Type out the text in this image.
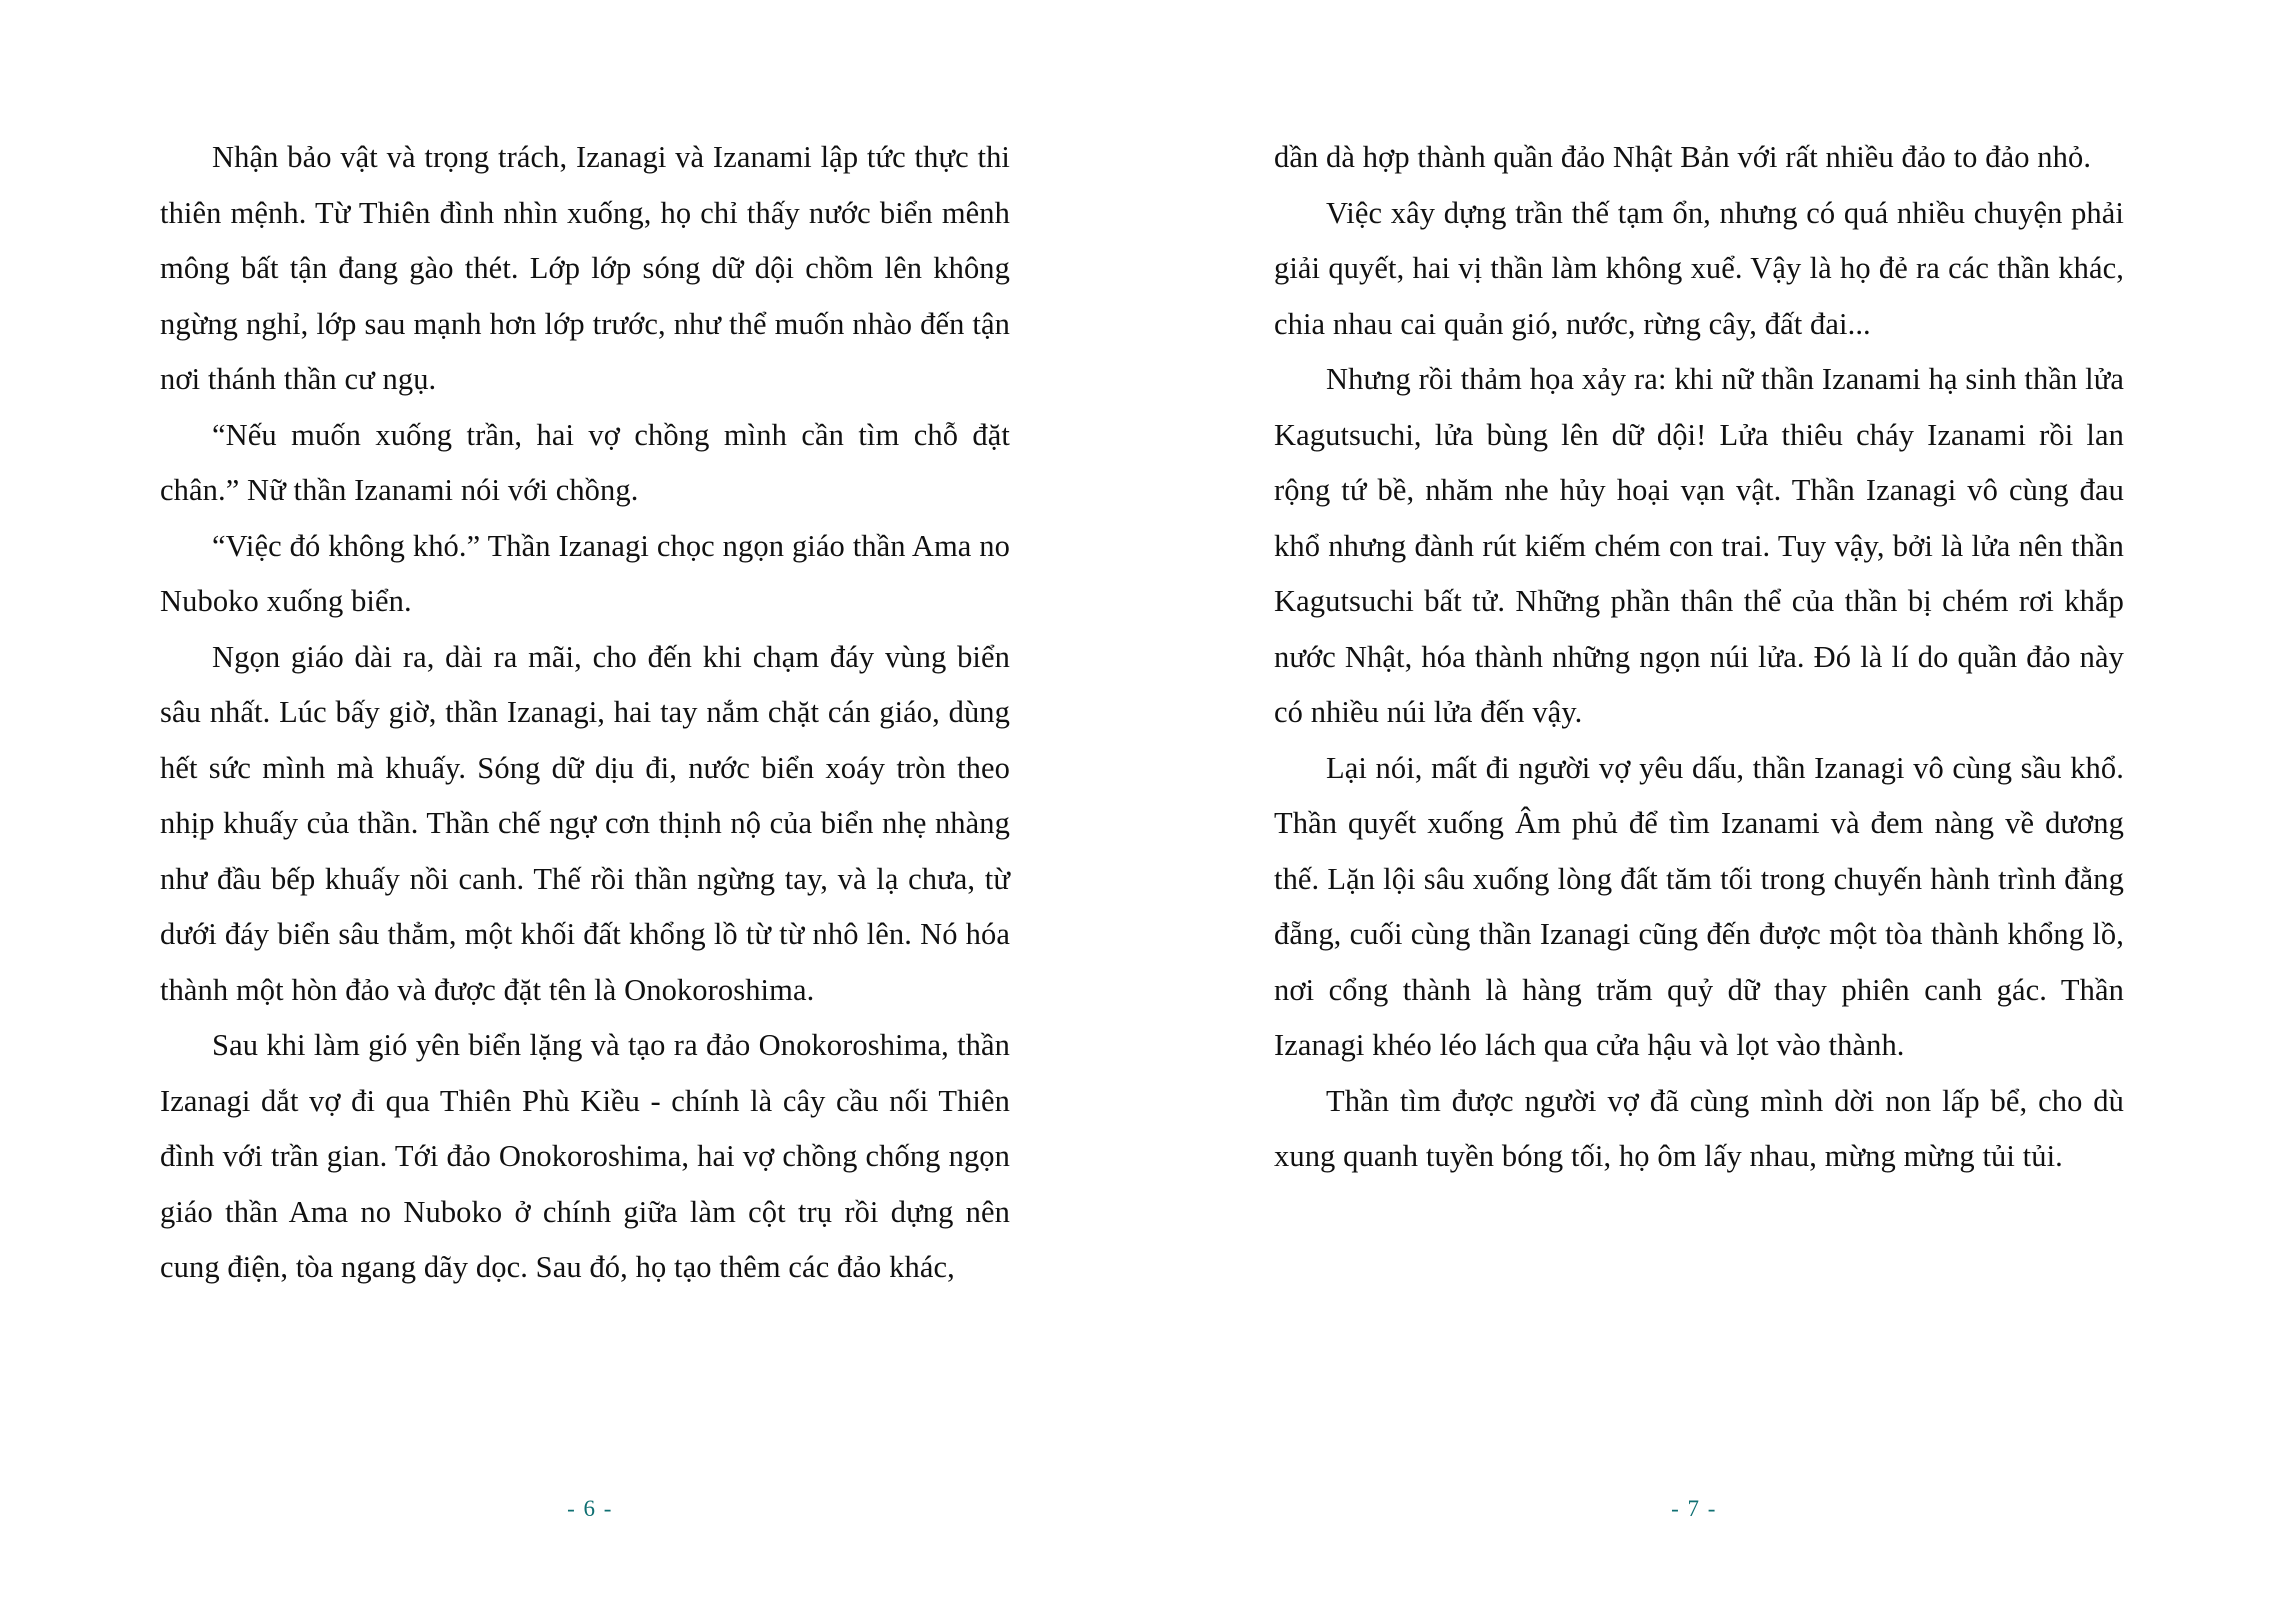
Nhận bảo vật và trọng trách, Izanagi và Izanami lập tức thực thi thiên mệnh. Từ Thiên đình nhìn xuống, họ chỉ thấy nước biển mênh mông bất tận đang gào thét. Lớp lớp sóng dữ dội chồm lên không ngừng nghỉ, lớp sau mạnh hơn lớp trước, như thể muốn nhào đến tận nơi thánh thần cư ngụ.

“Nếu muốn xuống trần, hai vợ chồng mình cần tìm chỗ đặt chân.” Nữ thần Izanami nói với chồng.

“Việc đó không khó.” Thần Izanagi chọc ngọn giáo thần Ama no Nuboko xuống biển.

Ngọn giáo dài ra, dài ra mãi, cho đến khi chạm đáy vùng biển sâu nhất. Lúc bấy giờ, thần Izanagi, hai tay nắm chặt cán giáo, dùng hết sức mình mà khuấy. Sóng dữ dịu đi, nước biển xoáy tròn theo nhịp khuấy của thần. Thần chế ngự cơn thịnh nộ của biển nhẹ nhàng như đầu bếp khuấy nồi canh. Thế rồi thần ngừng tay, và lạ chưa, từ dưới đáy biển sâu thẳm, một khối đất khổng lồ từ từ nhô lên. Nó hóa thành một hòn đảo và được đặt tên là Onokoroshima.

Sau khi làm gió yên biển lặng và tạo ra đảo Onokoroshima, thần Izanagi dắt vợ đi qua Thiên Phù Kiều - chính là cây cầu nối Thiên đình với trần gian. Tới đảo Onokoroshima, hai vợ chồng chống ngọn giáo thần Ama no Nuboko ở chính giữa làm cột trụ rồi dựng nên cung điện, tòa ngang dãy dọc. Sau đó, họ tạo thêm các đảo khác,

- 6 -

dần dà hợp thành quần đảo Nhật Bản với rất nhiều đảo to đảo nhỏ.

Việc xây dựng trần thế tạm ổn, nhưng có quá nhiều chuyện phải giải quyết, hai vị thần làm không xuể. Vậy là họ đẻ ra các thần khác, chia nhau cai quản gió, nước, rừng cây, đất đai...

Nhưng rồi thảm họa xảy ra: khi nữ thần Izanami hạ sinh thần lửa Kagutsuchi, lửa bùng lên dữ dội! Lửa thiêu cháy Izanami rồi lan rộng tứ bề, nhăm nhe hủy hoại vạn vật. Thần Izanagi vô cùng đau khổ nhưng đành rút kiếm chém con trai. Tuy vậy, bởi là lửa nên thần Kagutsuchi bất tử. Những phần thân thể của thần bị chém rơi khắp nước Nhật, hóa thành những ngọn núi lửa. Đó là lí do quần đảo này có nhiều núi lửa đến vậy.

Lại nói, mất đi người vợ yêu dấu, thần Izanagi vô cùng sầu khổ. Thần quyết xuống Âm phủ để tìm Izanami và đem nàng về dương thế. Lặn lội sâu xuống lòng đất tăm tối trong chuyến hành trình đằng đẵng, cuối cùng thần Izanagi cũng đến được một tòa thành khổng lồ, nơi cổng thành là hàng trăm quỷ dữ thay phiên canh gác. Thần Izanagi khéo léo lách qua cửa hậu và lọt vào thành.

Thần tìm được người vợ đã cùng mình dời non lấp bể, cho dù xung quanh tuyền bóng tối, họ ôm lấy nhau, mừng mừng tủi tủi.

- 7 -
